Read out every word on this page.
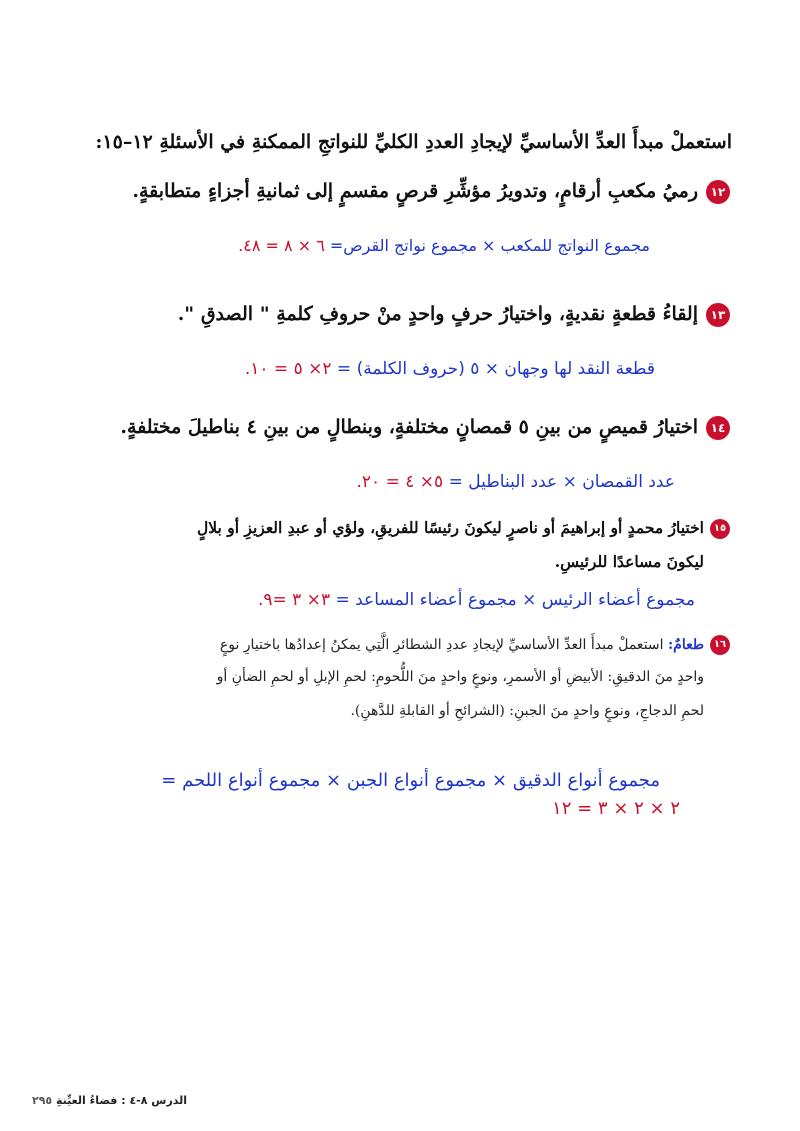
استعملْ مبدأَ العدِّ الأساسيِّ لإيجادِ العددِ الكليِّ للنواتجِ الممكنةِ في الأسئلةِ ١٢–١٥:
١٢رميُ مكعبِ أرقامٍ، وتدويرُ مؤشِّرِ قرصٍ مقسمٍ إلى ثمانيةِ أجزاءٍ متطابقةٍ.
مجموع النواتج للمكعب × مجموع نواتج القرص= ٦ × ٨ = ٤٨.
١٣إلقاءُ قطعةٍ نقديةٍ، واختيارُ حرفٍ واحدٍ منْ حروفِ كلمةِ " الصدقِ ".
قطعة النقد لها وجهان × ٥ (حروف الكلمة) = ٢× ٥ = ١٠.
١٤اختيارُ قميصٍ من بينِ ٥ قمصانٍ مختلفةٍ، وبنطالٍ من بينِ ٤ بناطيلَ مختلفةٍ.
عدد القمصان × عدد البناطيل = ٥× ٤ = ٢٠.
١٥اختيارُ محمدٍ أو إبراهيمَ أو ناصرٍ ليكونَ رئيسًا للفريقِ، ولؤي أو عبدِ العزيزِ أو بلالٍ
ليكونَ مساعدًا للرئيسِ.
مجموع أعضاء الرئيس × مجموع أعضاء المساعد = ٣× ٣ =٩.
١٦طعامٌ: استعملْ مبدأَ العدِّ الأساسيِّ لإيجادِ عددِ الشطائرِ الَّتِي يمكنُ إعدادُها باختيارِ نوعٍ
واحدٍ منَ الدقيقِ: الأبيضِ أو الأسمرِ، ونوعٍ واحدٍ منَ اللُّحومِ: لحمِ الإبلِ أو لحمِ الضأنِ أو
لحمِ الدجاجِ، ونوعٍ واحدٍ منَ الجبنِ: (الشرائحِ أو القابلةِ للدَّهنِ).
مجموع أنواع الدقيق × مجموع أنواع الجبن × مجموع أنواع اللحم =
٢ × ٢ × ٣ = ١٢
الدرس ٨-٤ : فضاءُ العيِّنةِ ٢٩٥
